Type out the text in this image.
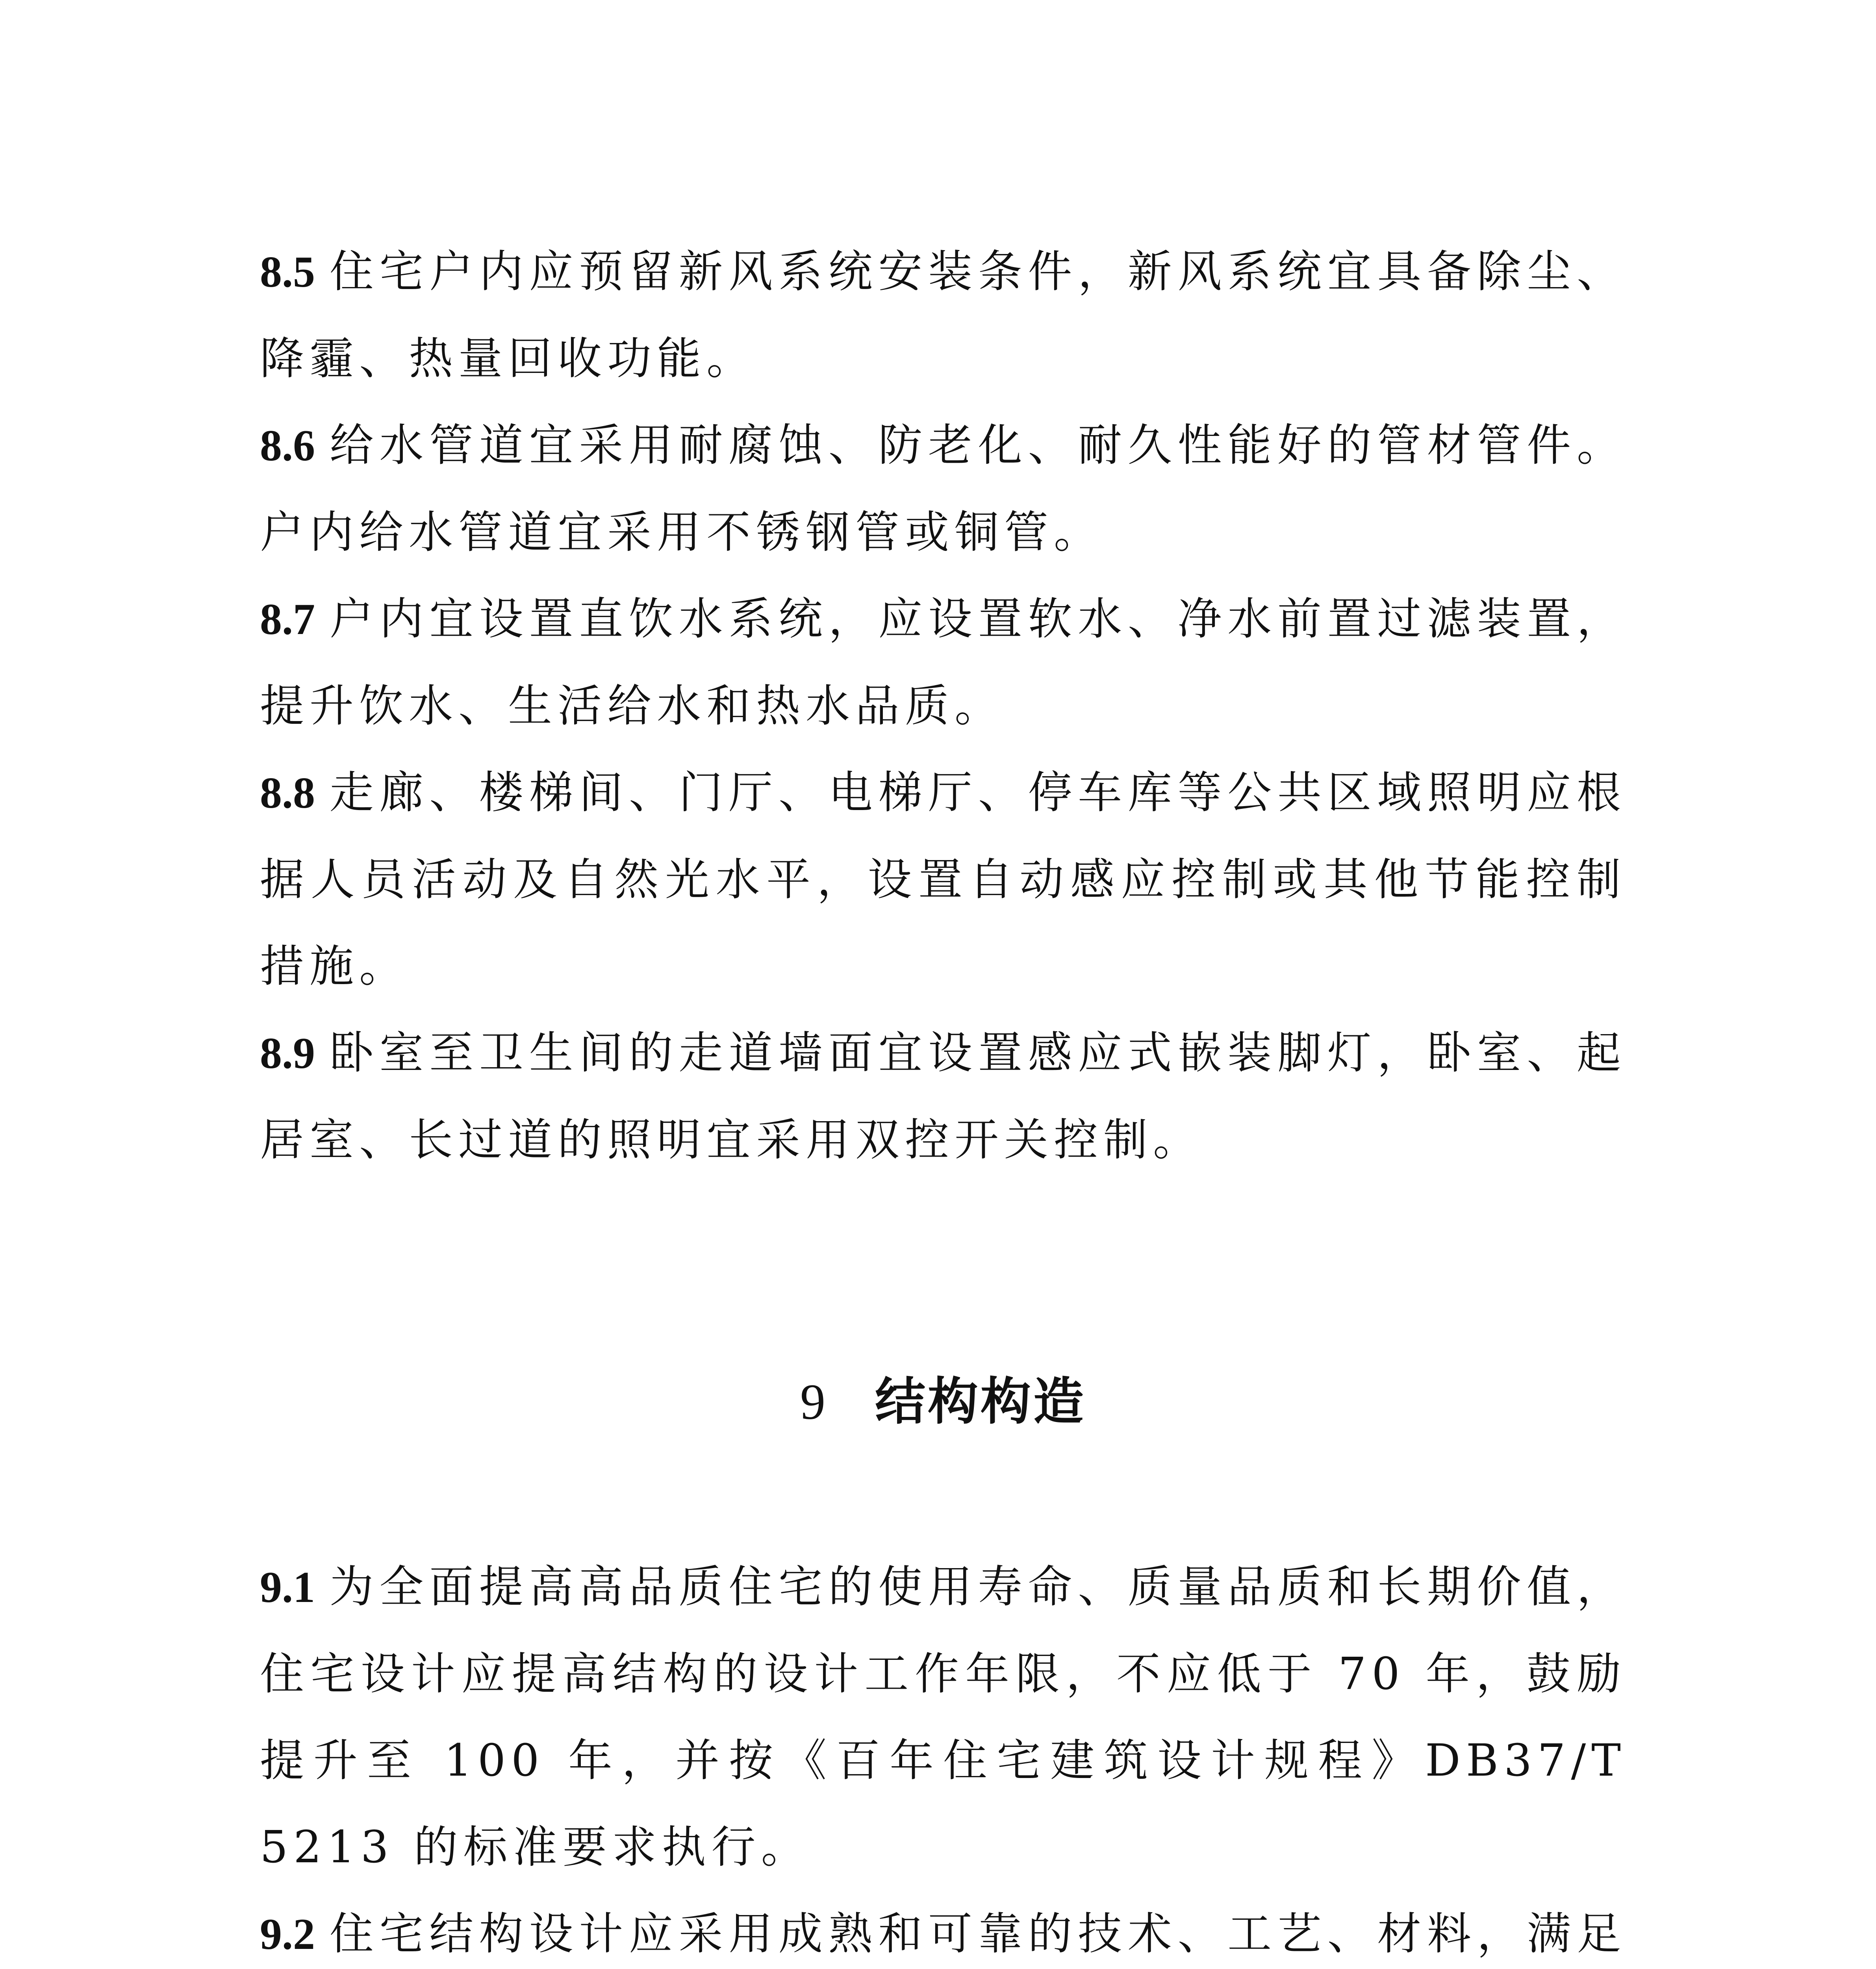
8.5 住宅户内应预留新风系统安装条件，新风系统宜具备除尘、降霾、热量回收功能。

8.6 给水管道宜采用耐腐蚀、防老化、耐久性能好的管材管件。户内给水管道宜采用不锈钢管或铜管。

8.7 户内宜设置直饮水系统，应设置软水、净水前置过滤装置，提升饮水、生活给水和热水品质。

8.8 走廊、楼梯间、门厅、电梯厅、停车库等公共区域照明应根据人员活动及自然光水平，设置自动感应控制或其他节能控制措施。

8.9 卧室至卫生间的走道墙面宜设置感应式嵌装脚灯，卧室、起居室、长过道的照明宜采用双控开关控制。

9 结构构造

9.1 为全面提高高品质住宅的使用寿命、质量品质和长期价值，住宅设计应提高结构的设计工作年限，不应低于 70 年，鼓励提升至 100 年，并按《百年住宅建筑设计规程》DB37/T 5213 的标准要求执行。

9.2 住宅结构设计应采用成熟和可靠的技术、工艺、材料，满足
